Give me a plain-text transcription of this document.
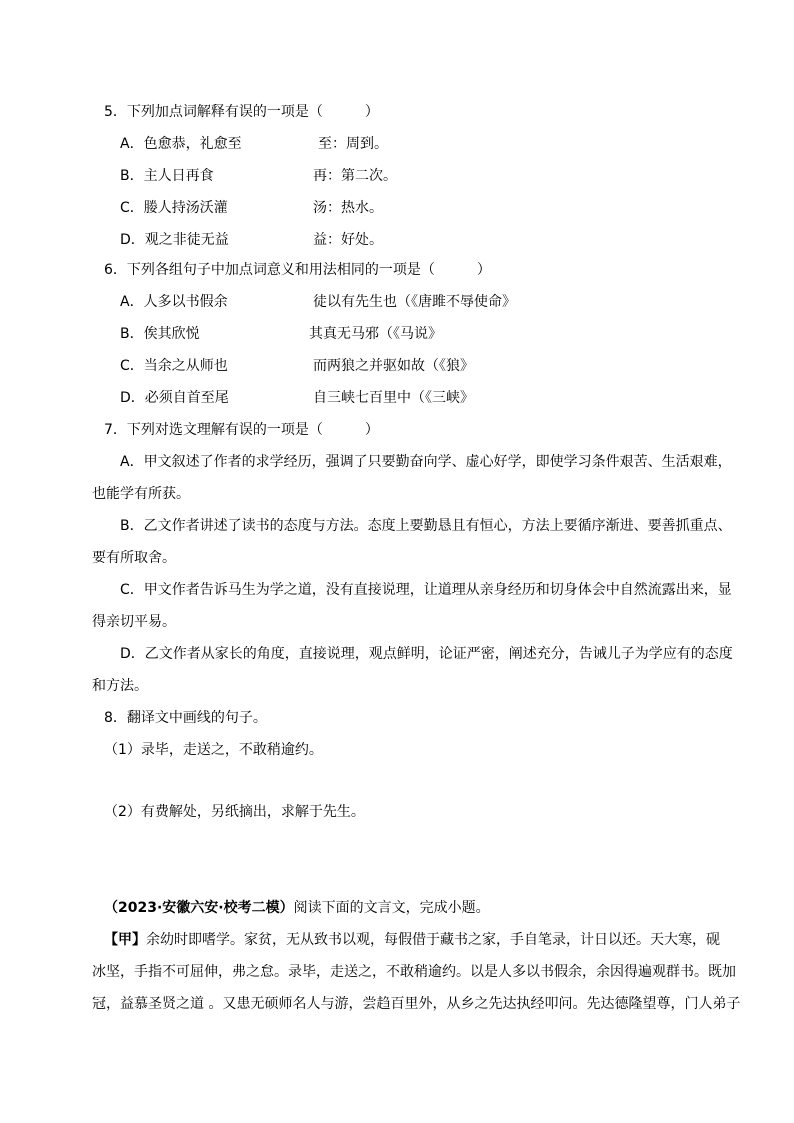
5．下列加点词解释有误的一项是（　　　）
A．色愈恭，礼愈至	至：周到。
B．主人日再食	再：第二次。
C．媵人持汤沃灌	汤：热水。
D．观之非徒无益	益：好处。
6．下列各组句子中加点词意义和用法相同的一项是（　　　）
A．人多以书假余	徒以有先生也（《唐雎不辱使命》
B．俟其欣悦	其真无马邪（《马说》
C．当余之从师也	而两狼之并驱如故（《狼》
D．必须自首至尾	自三峡七百里中（《三峡》
7．下列对选文理解有误的一项是（　　　）
A．甲文叙述了作者的求学经历，强调了只要勤奋向学、虚心好学，即使学习条件艰苦、生活艰难，
也能学有所获。
B．乙文作者讲述了读书的态度与方法。态度上要勤恳且有恒心，方法上要循序渐进、要善抓重点、
要有所取舍。
C．甲文作者告诉马生为学之道，没有直接说理，让道理从亲身经历和切身体会中自然流露出来，显
得亲切平易。
D．乙文作者从家长的角度，直接说理，观点鲜明，论证严密，阐述充分，告诫儿子为学应有的态度
和方法。
8．翻译文中画线的句子。
（1）录毕，走送之，不敢稍逾约。
（2）有费解处，另纸摘出，求解于先生。
（2023·安徽六安·校考二模）阅读下面的文言文，完成小题。
【甲】余幼时即嗜学。家贫，无从致书以观，每假借于藏书之家，手自笔录，计日以还。天大寒，砚
冰坚，手指不可屈伸，弗之怠。录毕，走送之，不敢稍逾约。以是人多以书假余，余因得遍观群书。既加
冠，益慕圣贤之道 。又患无硕师名人与游，尝趋百里外，从乡之先达执经叩问。先达德隆望尊，门人弟子
